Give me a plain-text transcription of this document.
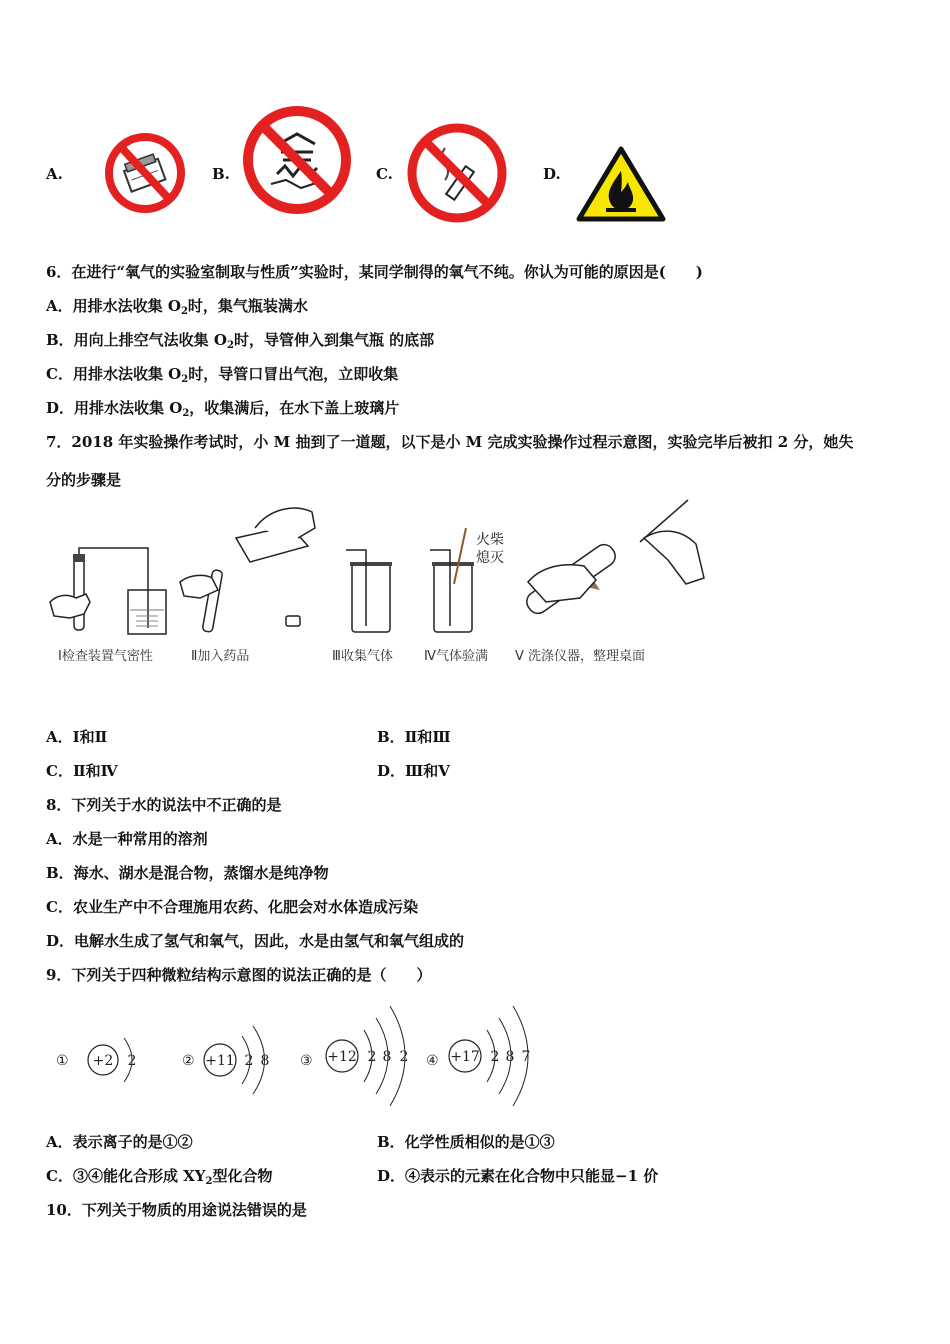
A.	B.	C.	D.
6．在进行“氧气的实验室制取与性质”实验时，某同学制得的氧气不纯。你认为可能的原因是(　　)
A．用排水法收集 $O_2$时，集气瓶装满水
B．用向上排空气法收集 $O_2$时，导管伸入到集气瓶 的底部
C．用排水法收集 $O_2$时，导管口冒出气泡，立即收集
D．用排水法收集 $O_2$，收集满后，在水下盖上玻璃片
7．2018 年实验操作考试时，小 M 抽到了一道题，以下是小 M 完成实验操作过程示意图，实验完毕后被扣 2 分，她失
分的步骤是
火柴
熄灭
Ⅰ检查装置气密性	Ⅱ加入药品	Ⅲ收集气体 Ⅳ气体验满 Ⅴ 洗涤仪器，整理桌面
A．Ⅰ和Ⅱ	B．Ⅱ和Ⅲ
C．Ⅱ和Ⅳ	D．Ⅲ和Ⅴ
8．下列关于水的说法中不正确的是
A．水是一种常用的溶剂
B．海水、湖水是混合物，蒸馏水是纯净物
C．农业生产中不合理施用农药、化肥会对水体造成污染
D．电解水生成了氢气和氧气，因此，水是由氢气和氧气组成的
9．下列关于四种微粒结构示意图的说法正确的是（　　）
① +2 2	② +11 2 8 ③ +12 2 8 2 ④ +17 2 8 7
A．表示离子的是①②	B．化学性质相似的是①③
C．③④能化合形成 $XY_2$型化合物	D．④表示的元素在化合物中只能显−1 价
10．下列关于物质的用途说法错误的是
